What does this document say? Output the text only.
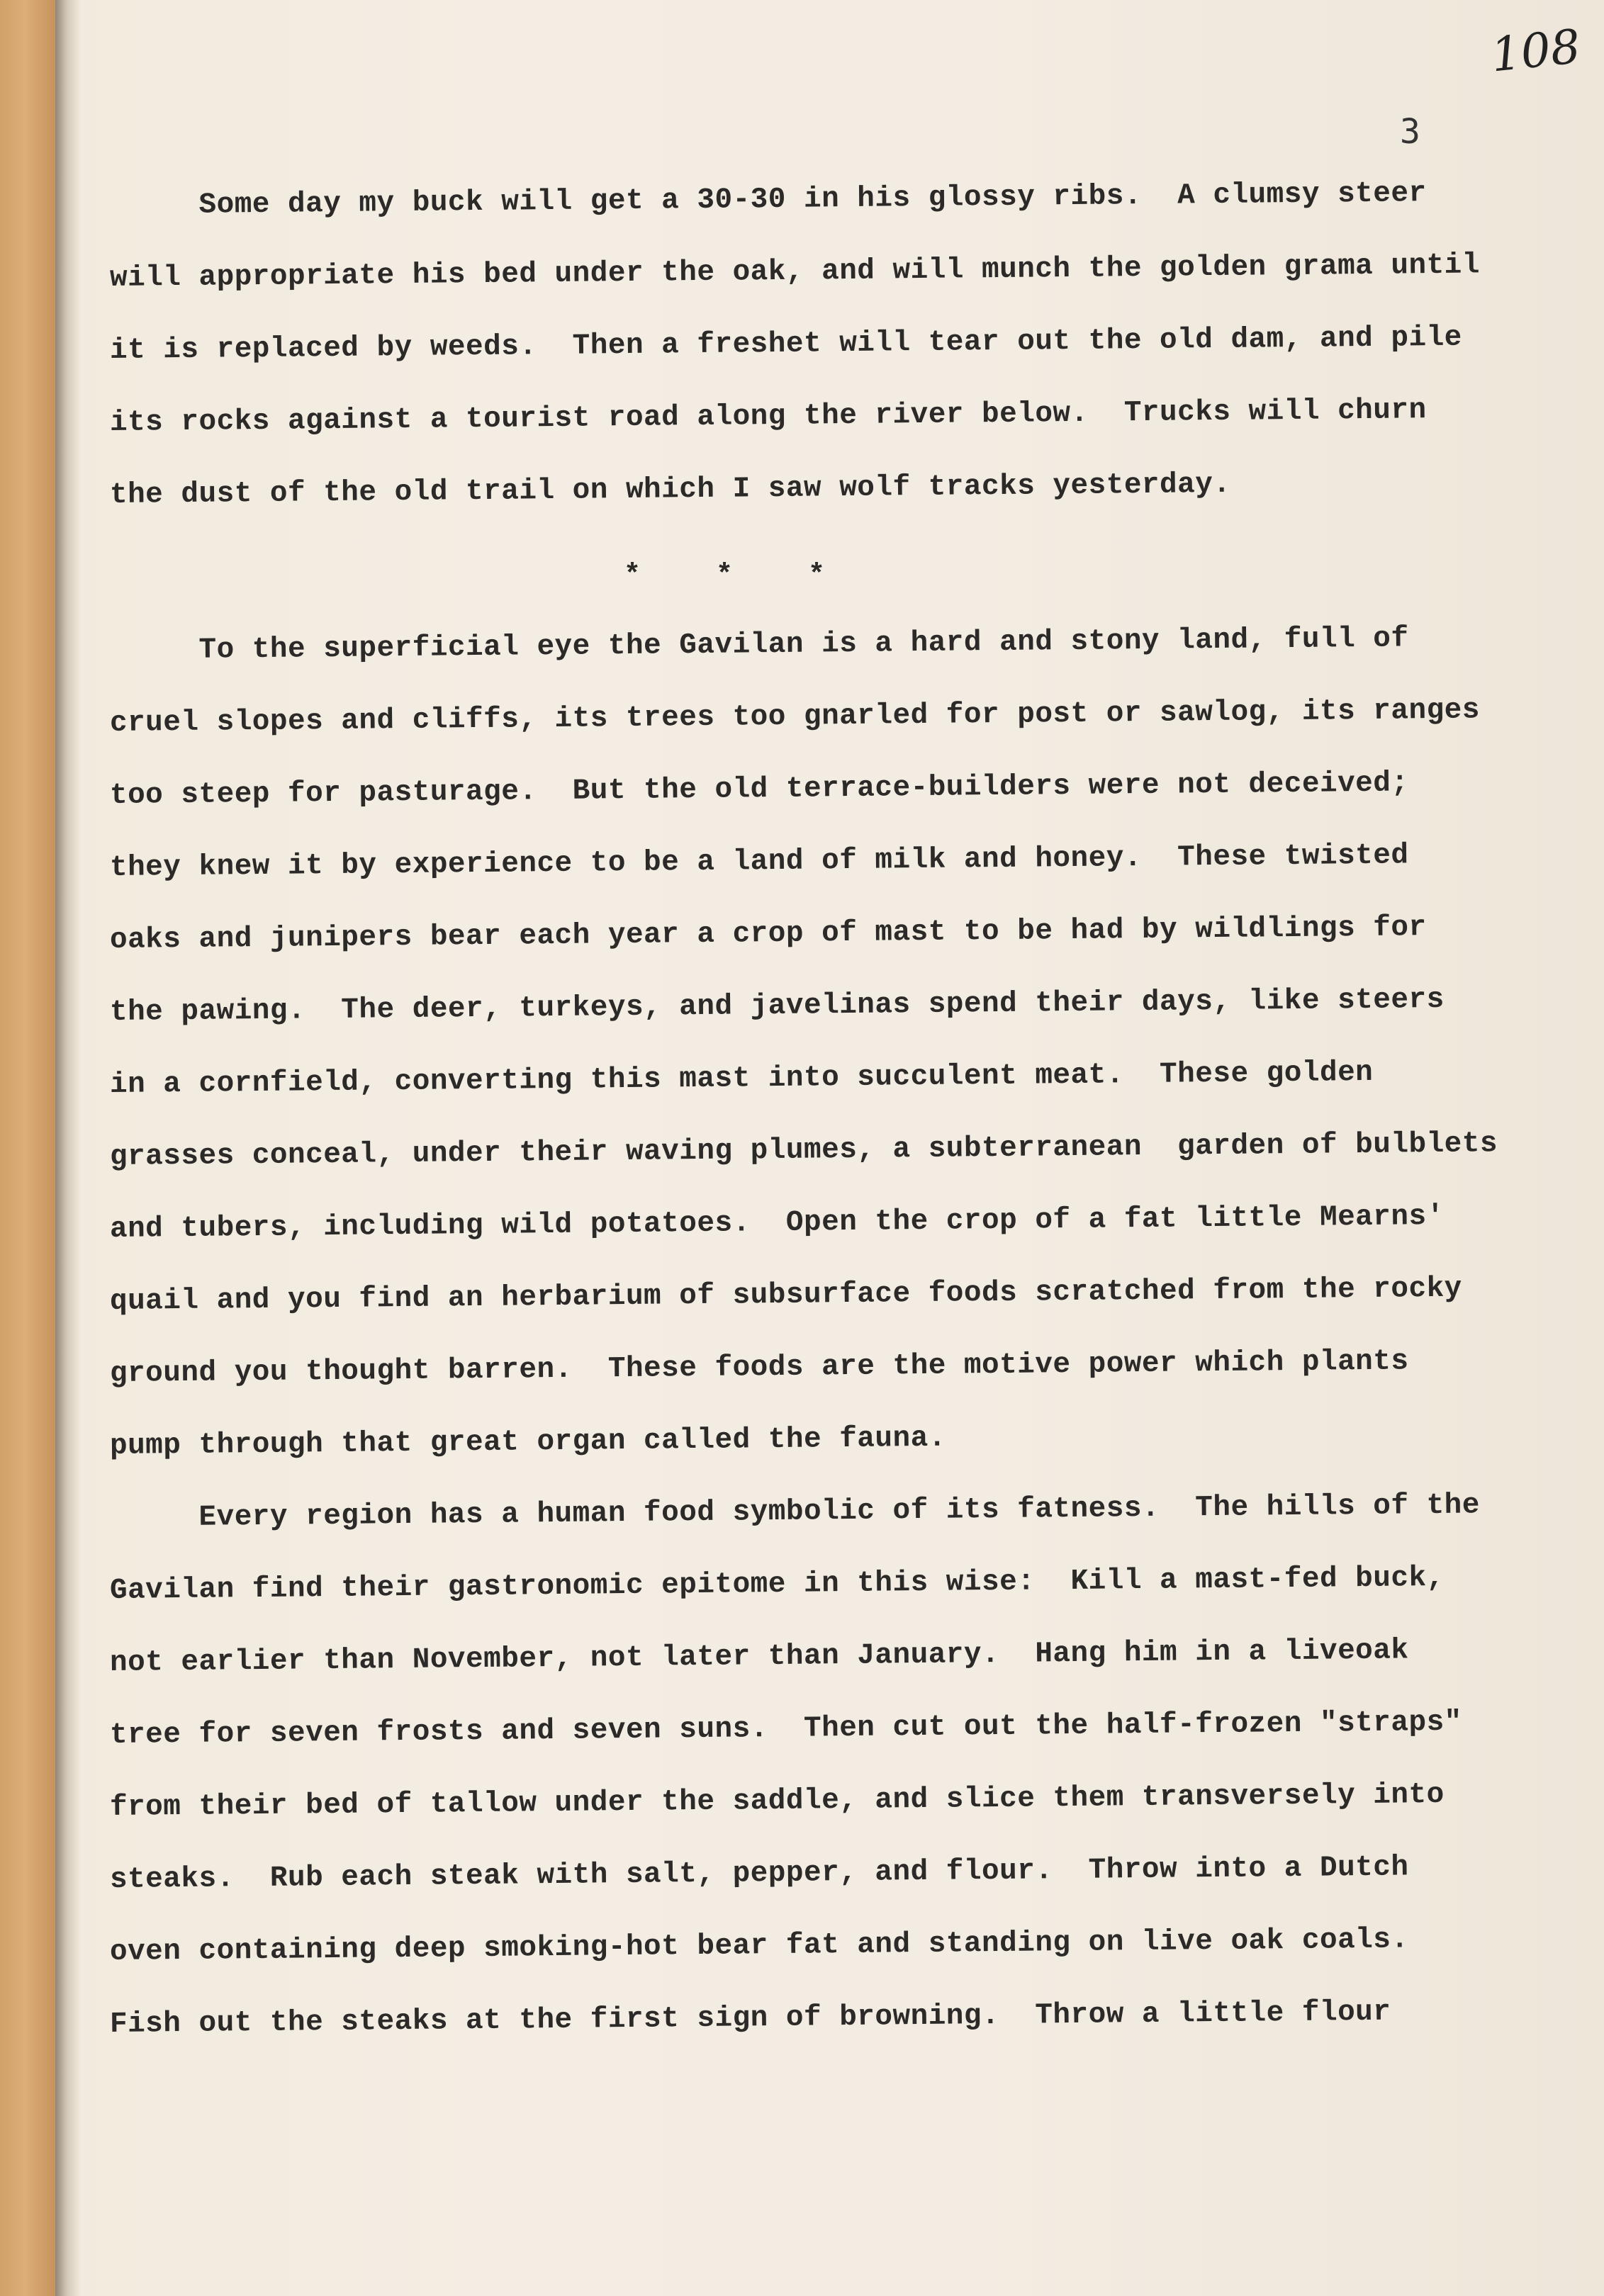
108
3
Some day my buck will get a 30-30 in his glossy ribs.  A clumsy steer
will appropriate his bed under the oak, and will munch the golden grama until
it is replaced by weeds.  Then a freshet will tear out the old dam, and pile
its rocks against a tourist road along the river below.  Trucks will churn
the dust of the old trail on which I saw wolf tracks yesterday.
To the superficial eye the Gavilan is a hard and stony land, full of
cruel slopes and cliffs, its trees too gnarled for post or sawlog, its ranges
too steep for pasturage.  But the old terrace-builders were not deceived;
they knew it by experience to be a land of milk and honey.  These twisted
oaks and junipers bear each year a crop of mast to be had by wildlings for
the pawing.  The deer, turkeys, and javelinas spend their days, like steers
in a cornfield, converting this mast into succulent meat.  These golden
grasses conceal, under their waving plumes, a subterranean  garden of bulblets
and tubers, including wild potatoes.  Open the crop of a fat little Mearns'
quail and you find an herbarium of subsurface foods scratched from the rocky
ground you thought barren.  These foods are the motive power which plants
pump through that great organ called the fauna.
Every region has a human food symbolic of its fatness.  The hills of the
Gavilan find their gastronomic epitome in this wise:  Kill a mast-fed buck,
not earlier than November, not later than January.  Hang him in a liveoak
tree for seven frosts and seven suns.  Then cut out the half-frozen "straps"
from their bed of tallow under the saddle, and slice them transversely into
steaks.  Rub each steak with salt, pepper, and flour.  Throw into a Dutch
oven containing deep smoking-hot bear fat and standing on live oak coals.
Fish out the steaks at the first sign of browning.  Throw a little flour
*    *    *
